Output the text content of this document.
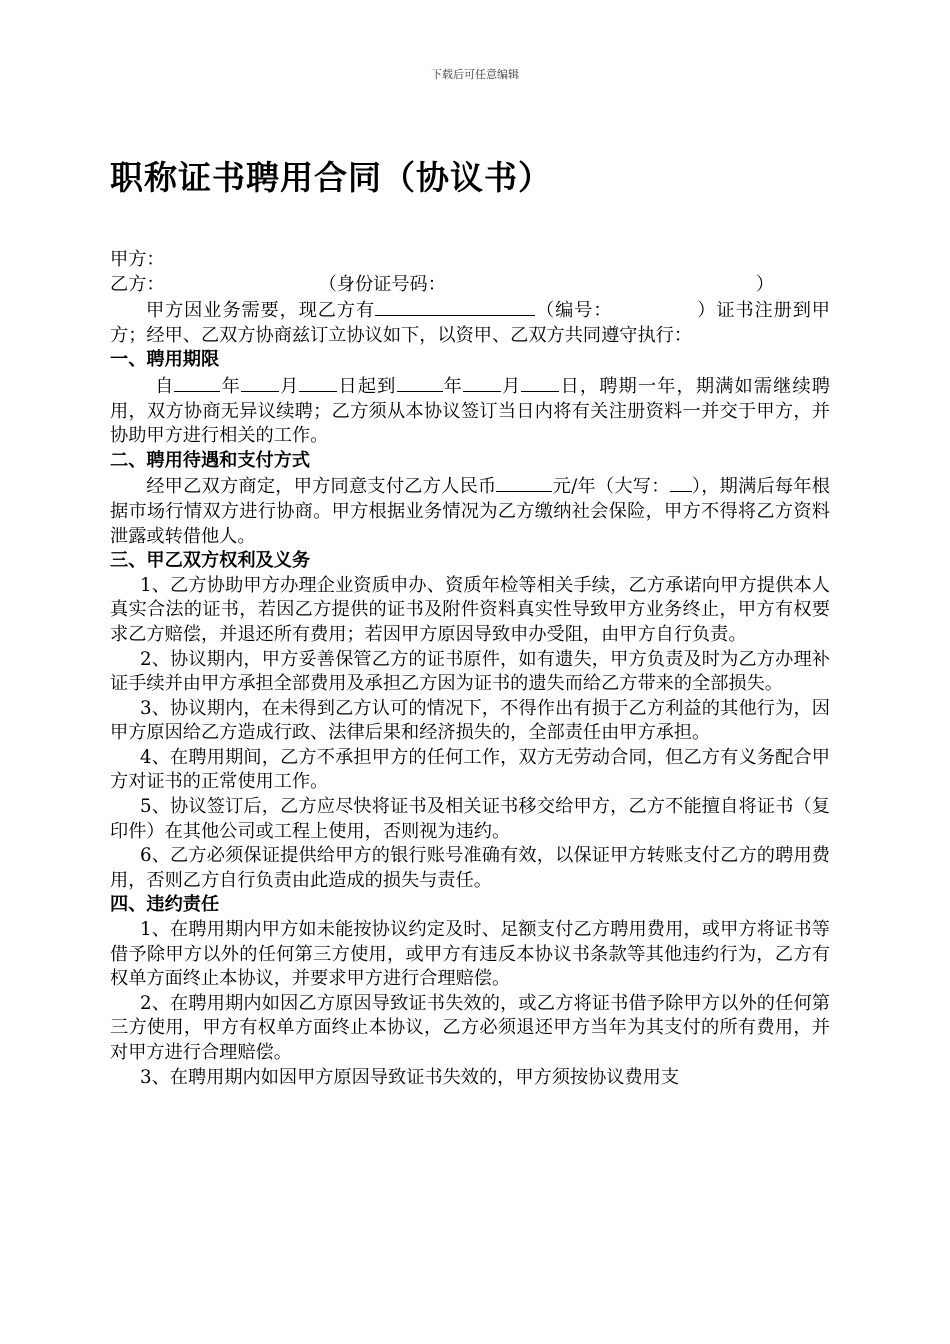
下载后可任意编辑
职称证书聘用合同（协议书）
甲方：
乙方：	（身份证号码：	）
甲方因业务需要，现乙方有	（编号：	）证书注册到甲方；经甲、乙双方协商兹订立协议如下，以资甲、乙双方共同遵守执行：
一、聘用期限
自	年 月 日起到	年 月 日，聘期一年，期满如需继续聘用，双方协商无异议续聘；乙方须从本协议签订当日内将有关注册资料一并交于甲方，并协助甲方进行相关的工作。
二、聘用待遇和支付方式
经甲乙双方商定，甲方同意支付乙方人民币	元/年（大写： ），期满后每年根据市场行情双方进行协商。甲方根据业务情况为乙方缴纳社会保险，甲方不得将乙方资料泄露或转借他人。
三、甲乙双方权利及义务
1、乙方协助甲方办理企业资质申办、资质年检等相关手续，乙方承诺向甲方提供本人真实合法的证书，若因乙方提供的证书及附件资料真实性导致甲方业务终止，甲方有权要求乙方赔偿，并退还所有费用；若因甲方原因导致申办受阻，由甲方自行负责。
2、协议期内，甲方妥善保管乙方的证书原件，如有遗失，甲方负责及时为乙方办理补证手续并由甲方承担全部费用及承担乙方因为证书的遗失而给乙方带来的全部损失。
3、协议期内，在未得到乙方认可的情况下，不得作出有损于乙方利益的其他行为，因甲方原因给乙方造成行政、法律后果和经济损失的，全部责任由甲方承担。
4、在聘用期间，乙方不承担甲方的任何工作，双方无劳动合同，但乙方有义务配合甲方对证书的正常使用工作。
5、协议签订后，乙方应尽快将证书及相关证书移交给甲方，乙方不能擅自将证书（复印件）在其他公司或工程上使用，否则视为违约。
6、乙方必须保证提供给甲方的银行账号准确有效，以保证甲方转账支付乙方的聘用费用，否则乙方自行负责由此造成的损失与责任。
四、违约责任
1、在聘用期内甲方如未能按协议约定及时、足额支付乙方聘用费用，或甲方将证书等借予除甲方以外的任何第三方使用，或甲方有违反本协议书条款等其他违约行为，乙方有权单方面终止本协议，并要求甲方进行合理赔偿。
2、在聘用期内如因乙方原因导致证书失效的，或乙方将证书借予除甲方以外的任何第三方使用，甲方有权单方面终止本协议，乙方必须退还甲方当年为其支付的所有费用，并对甲方进行合理赔偿。
3、在聘用期内如因甲方原因导致证书失效的，甲方须按协议费用支
